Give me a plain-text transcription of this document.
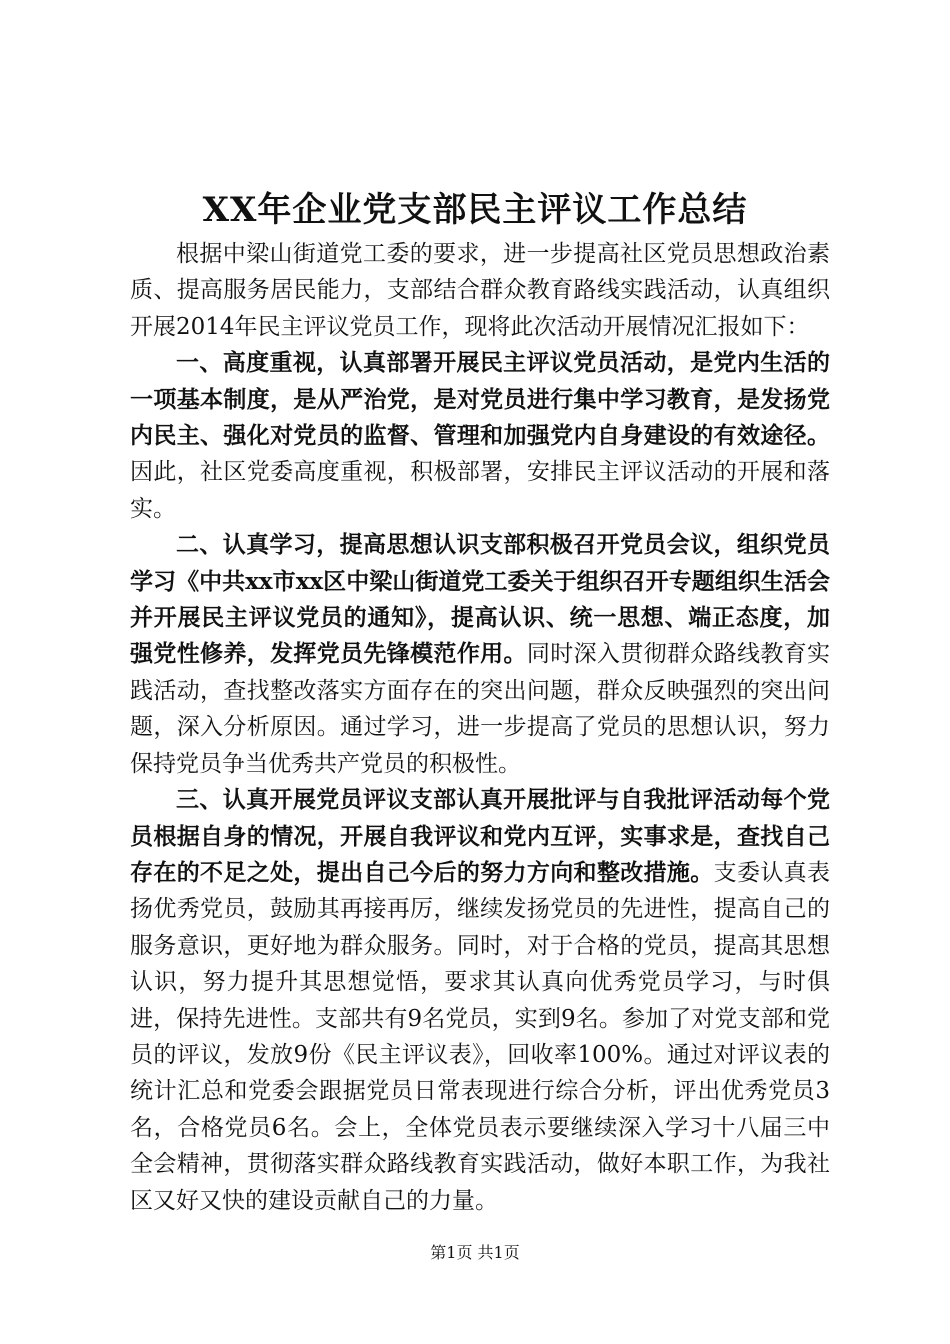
XX年企业党支部民主评议工作总结

根据中梁山街道党工委的要求，进一步提高社区党员思想政治素质、提高服务居民能力，支部结合群众教育路线实践活动，认真组织开展2014年民主评议党员工作，现将此次活动开展情况汇报如下：

一、高度重视，认真部署开展民主评议党员活动，是党内生活的一项基本制度，是从严治党，是对党员进行集中学习教育，是发扬党内民主、强化对党员的监督、管理和加强党内自身建设的有效途径。因此，社区党委高度重视，积极部署，安排民主评议活动的开展和落实。

二、认真学习，提高思想认识支部积极召开党员会议，组织党员学习《中共xx市xx区中梁山街道党工委关于组织召开专题组织生活会并开展民主评议党员的通知》，提高认识、统一思想、端正态度，加强党性修养，发挥党员先锋模范作用。同时深入贯彻群众路线教育实践活动，查找整改落实方面存在的突出问题，群众反映强烈的突出问题，深入分析原因。通过学习，进一步提高了党员的思想认识，努力保持党员争当优秀共产党员的积极性。

三、认真开展党员评议支部认真开展批评与自我批评活动每个党员根据自身的情况，开展自我评议和党内互评，实事求是，查找自己存在的不足之处，提出自己今后的努力方向和整改措施。支委认真表扬优秀党员，鼓励其再接再厉，继续发扬党员的先进性，提高自己的服务意识，更好地为群众服务。同时，对于合格的党员，提高其思想认识，努力提升其思想觉悟，要求其认真向优秀党员学习，与时俱进，保持先进性。支部共有9名党员，实到9名。参加了对党支部和党员的评议，发放9份《民主评议表》，回收率100%。通过对评议表的统计汇总和党委会跟据党员日常表现进行综合分析，评出优秀党员3名，合格党员6名。会上，全体党员表示要继续深入学习十八届三中全会精神，贯彻落实群众路线教育实践活动，做好本职工作，为我社区又好又快的建设贡献自己的力量。

第1页 共1页
